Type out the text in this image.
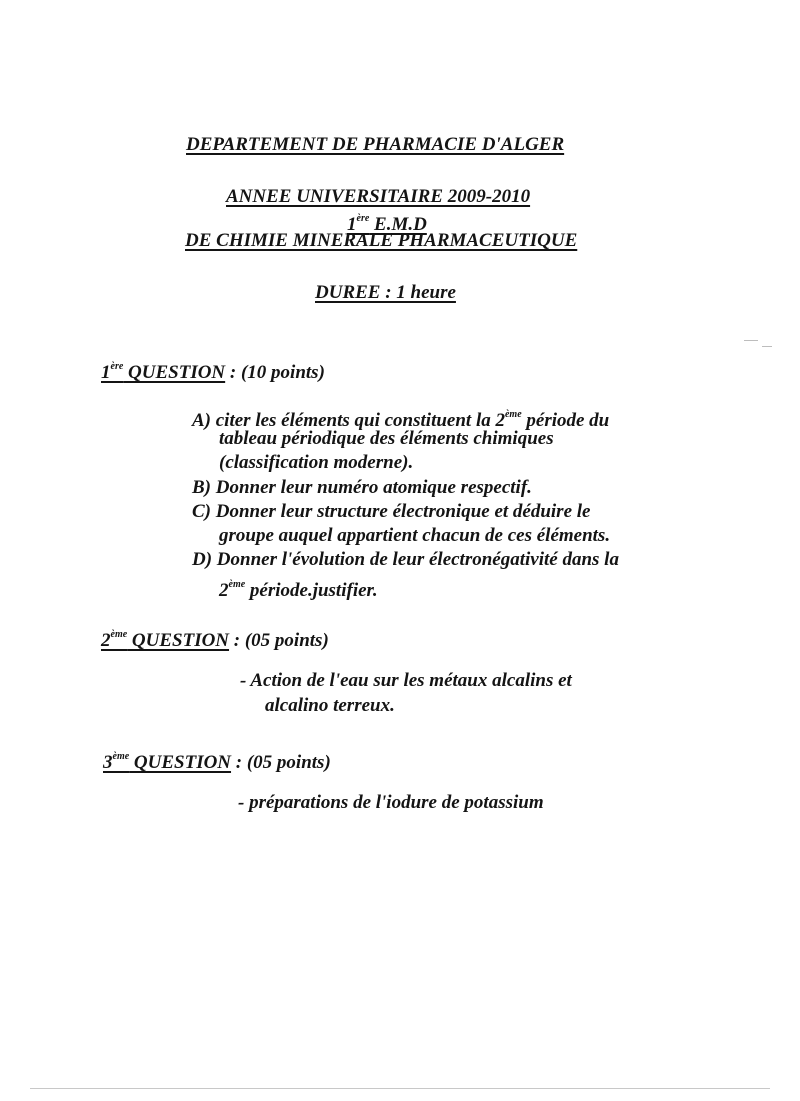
DEPARTEMENT DE PHARMACIE D'ALGER
ANNEE UNIVERSITAIRE 2009-2010
1ère E.M.D
DE CHIMIE MINERALE PHARMACEUTIQUE
DUREE : 1 heure
1ère QUESTION : (10 points)
A) citer les éléments qui constituent la 2ème période du
tableau périodique des éléments chimiques
(classification moderne).
B) Donner leur numéro atomique respectif.
C) Donner leur structure électronique et déduire le
groupe auquel appartient chacun de ces éléments.
D) Donner l'évolution de leur électronégativité dans la
2ème période.justifier.
2ème QUESTION : (05 points)
- Action de l'eau sur les métaux alcalins et
alcalino terreux.
3ème QUESTION : (05 points)
- préparations de l'iodure de potassium
